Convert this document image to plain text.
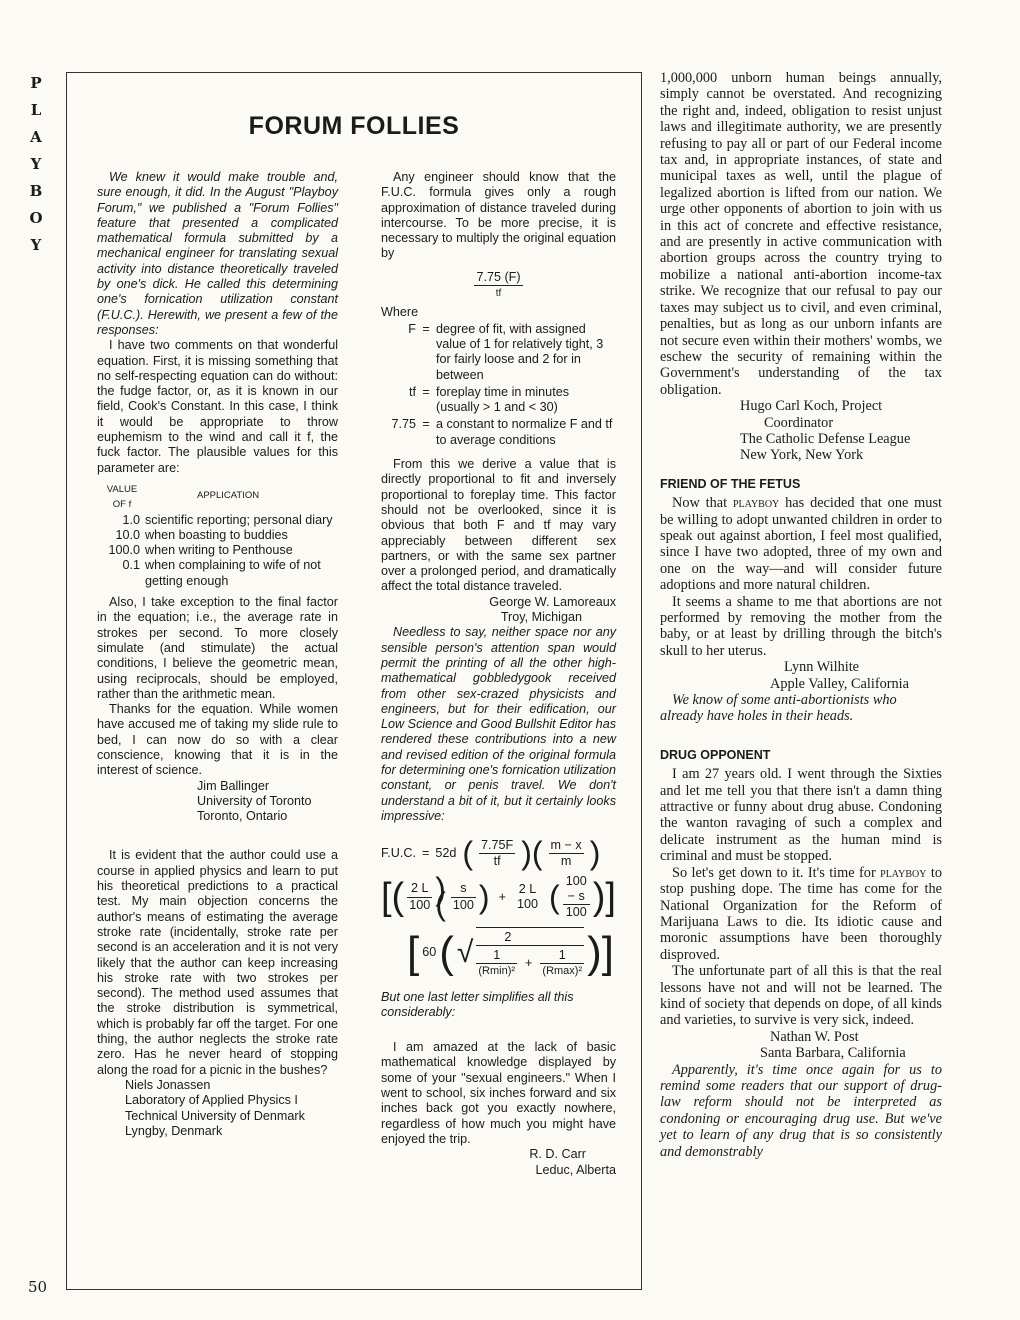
P
L
A
Y
B
O
Y
50
FORUM FOLLIES

We knew it would make trouble and, sure enough, it did. In the August "Playboy Forum," we published a "Forum Follies" feature that presented a complicated mathematical formula submitted by a mechanical engineer for translating sexual activity into distance theoretically traveled by one's dick. He called this determining one's fornication utilization constant (F.U.C.). Herewith, we present a few of the responses:

I have two comments on that wonderful equation. First, it is missing something that no self-respecting equation can do without: the fudge factor, or, as it is known in our field, Cook's Constant. In this case, I think it would be appropriate to throw euphemism to the wind and call it f, the fuck factor. The plausible values for this parameter are:

VALUE OF f	APPLICATION
1.0	scientific reporting; personal diary
10.0	when boasting to buddies
100.0	when writing to Penthouse
0.1	when complaining to wife of not getting enough

Also, I take exception to the final factor in the equation; i.e., the average rate in strokes per second. To more closely simulate (and stimulate) the actual conditions, I believe the geometric mean, using reciprocals, should be employed, rather than the arithmetic mean.

Thanks for the equation. While women have accused me of taking my slide rule to bed, I can now do so with a clear conscience, knowing that it is in the interest of science.

Jim Ballinger
University of Toronto
Toronto, Ontario

It is evident that the author could use a course in applied physics and learn to put his theoretical predictions to a practical test. My main objection concerns the author's means of estimating the average stroke rate (incidentally, stroke rate per second is an acceleration and it is not very likely that the author can keep increasing his stroke rate with two strokes per second). The method used assumes that the stroke distribution is symmetrical, which is probably far off the target. For one thing, the author neglects the stroke rate zero. Has he never heard of stopping along the road for a picnic in the bushes?

Niels Jonassen
Laboratory of Applied Physics I
Technical University of Denmark
Lyngby, Denmark

Any engineer should know that the F.U.C. formula gives only a rough approximation of distance traveled during intercourse. To be more precise, it is necessary to multiply the original equation by

$\frac{7.75 (F)}{tf}$

Where

F	=	degree of fit, with assigned value of 1 for relatively tight, 3 for fairly loose and 2 for in between
tf	=	foreplay time in minutes (usually > 1 and < 30)
7.75	=	a constant to normalize F and tf to average conditions

From this we derive a value that is directly proportional to fit and inversely proportional to foreplay time. This factor should not be overlooked, since it is obvious that both F and tf may vary appreciably between different sex partners, or with the same sex partner over a prolonged period, and dramatically affect the total distance traveled.

George W. Lamoreaux
Troy, Michigan

Needless to say, neither space nor any sensible person's attention span would permit the printing of all the other high-mathematical gobbledygook received from other sex-crazed physicists and engineers, but for their edification, our Low Science and Good Bullshit Editor has rendered these contributions into a new and revised edition of the original formula for determining one's fornication utilization constant, or penis travel. We don't understand a bit of it, but it certainly looks impressive:

F.U.C. = 52d ( $\frac{7.75F}{tf}$ )( $\frac{m - x}{m}$ )
[( $\frac{2 L}{100}$ )( $\frac{s}{100}$ ) +
2 L
100 ( $\frac{100 - s}{100}$ )]
[ 60 ( √	2
$\frac{1}{\text{(Rmin)²}} + \frac{1}{\text{(Rmax)²}}$ )]

But one last letter simplifies all this considerably:

I am amazed at the lack of basic mathematical knowledge displayed by some of your "sexual engineers." When I went to school, six inches forward and six inches back got you exactly nowhere, regardless of how much you might have enjoyed the trip.

R. D. Carr
Leduc, Alberta

1,000,000 unborn human beings annually, simply cannot be overstated. And recognizing the right and, indeed, obligation to resist unjust laws and illegitimate authority, we are presently refusing to pay all or part of our Federal income tax and, in appropriate instances, of state and municipal taxes as well, until the plague of legalized abortion is lifted from our nation. We urge other opponents of abortion to join with us in this act of concrete and effective resistance, and are presently in active communication with abortion groups across the country trying to mobilize a national anti-abortion income-tax strike. We recognize that our refusal to pay our taxes may subject us to civil, and even criminal, penalties, but as long as our unborn infants are not secure even within their mothers' wombs, we eschew the security of remaining within the Government's understanding of the tax obligation.

Hugo Carl Koch, Project
Coordinator
The Catholic Defense League
New York, New York

FRIEND OF THE FETUS

Now that playboy has decided that one must be willing to adopt unwanted children in order to speak out against abortion, I feel most qualified, since I have two adopted, three of my own and one on the way—and will consider future adoptions and more natural children.

It seems a shame to me that abortions are not performed by removing the mother from the baby, or at least by drilling through the bitch's skull to her uterus.

Lynn Wilhite
Apple Valley, California

We know of some anti-abortionists who already have holes in their heads.

DRUG OPPONENT

I am 27 years old. I went through the Sixties and let me tell you that there isn't a damn thing attractive or funny about drug abuse. Condoning the wanton ravaging of such a complex and delicate instrument as the human mind is criminal and must be stopped.

So let's get down to it. It's time for playboy to stop pushing dope. The time has come for the National Organization for the Reform of Marijuana Laws to die. Its idiotic cause and moronic assumptions have been thoroughly disproved.

The unfortunate part of all this is that the real lessons have not and will not be learned. The kind of society that depends on dope, of all kinds and varieties, to survive is very sick, indeed.

Nathan W. Post
Santa Barbara, California

Apparently, it's time once again for us to remind some readers that our support of drug-law reform should not be interpreted as condoning or encouraging drug use. But we've yet to learn of any drug that is so consistently and demonstrably
